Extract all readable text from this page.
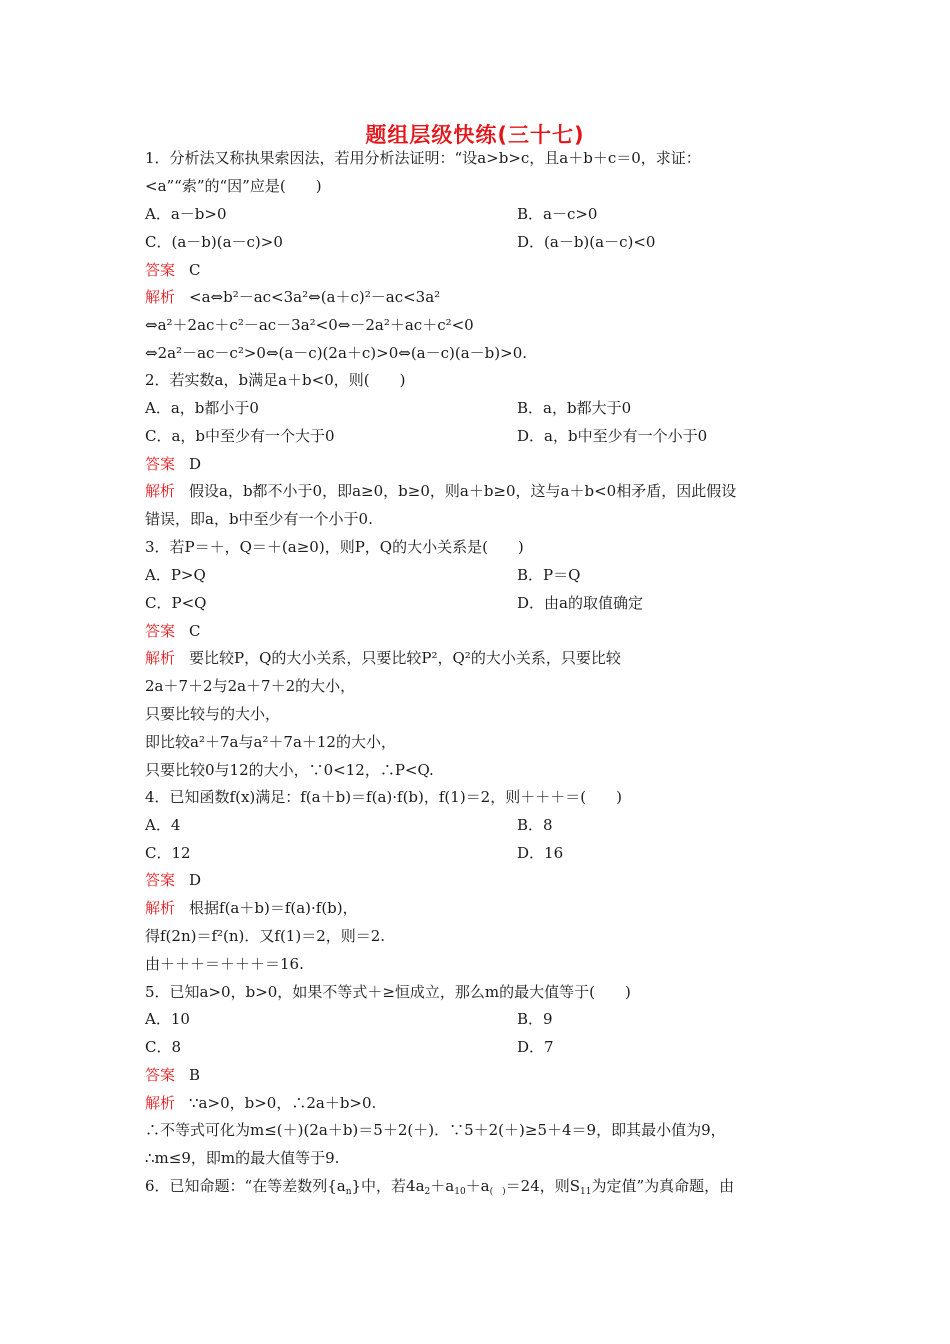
题组层级快练(三十七)
1．分析法又称执果索因法，若用分析法证明：“设a>b>c，且a＋b＋c＝0，求证：
<a”“索”的“因”应是(　　)
A．a－b>0	B．a－c>0
C．(a－b)(a－c)>0	D．(a－b)(a－c)<0
答案 C
解析 <a⇔b²－ac<3a²⇔(a＋c)²－ac<3a²
⇔a²＋2ac＋c²－ac－3a²<0⇔－2a²＋ac＋c²<0
⇔2a²－ac－c²>0⇔(a－c)(2a＋c)>0⇔(a－c)(a－b)>0.
2．若实数a，b满足a＋b<0，则(　　)
A．a，b都小于0	B．a，b都大于0
C．a，b中至少有一个大于0	D．a，b中至少有一个小于0
答案 D
解析 假设a，b都不小于0，即a≥0，b≥0，则a＋b≥0，这与a＋b<0相矛盾，因此假设
错误，即a，b中至少有一个小于0.
3．若P＝＋，Q＝＋(a≥0)，则P，Q的大小关系是(　　)
A．P>Q	B．P＝Q
C．P<Q	D．由a的取值确定
答案 C
解析 要比较P，Q的大小关系，只要比较P²，Q²的大小关系，只要比较
2a＋7＋2与2a＋7＋2的大小，
只要比较与的大小，
即比较a²＋7a与a²＋7a＋12的大小，
只要比较0与12的大小，∵0<12，∴P<Q.
4．已知函数f(x)满足：f(a＋b)＝f(a)·f(b)，f(1)＝2，则＋＋＋＝(　　)
A．4	B．8
C．12	D．16
答案 D
解析 根据f(a＋b)＝f(a)·f(b)，
得f(2n)＝f²(n)．又f(1)＝2，则＝2.
由＋＋＋＝＋＋＋＝16.
5．已知a>0，b>0，如果不等式＋≥恒成立，那么m的最大值等于(　　)
A．10	B．9
C．8	D．7
答案 B
解析 ∵a>0，b>0，∴2a＋b>0.
∴不等式可化为m≤(＋)(2a＋b)＝5＋2(＋)．∵5＋2(＋)≥5＋4＝9，即其最小值为9，
∴m≤9，即m的最大值等于9.
6．已知命题：“在等差数列$\{a_n\}$中，若$4a_2+a_{10}+a_{( )}=24$，则$S_{11}$为定值”为真命题，由
